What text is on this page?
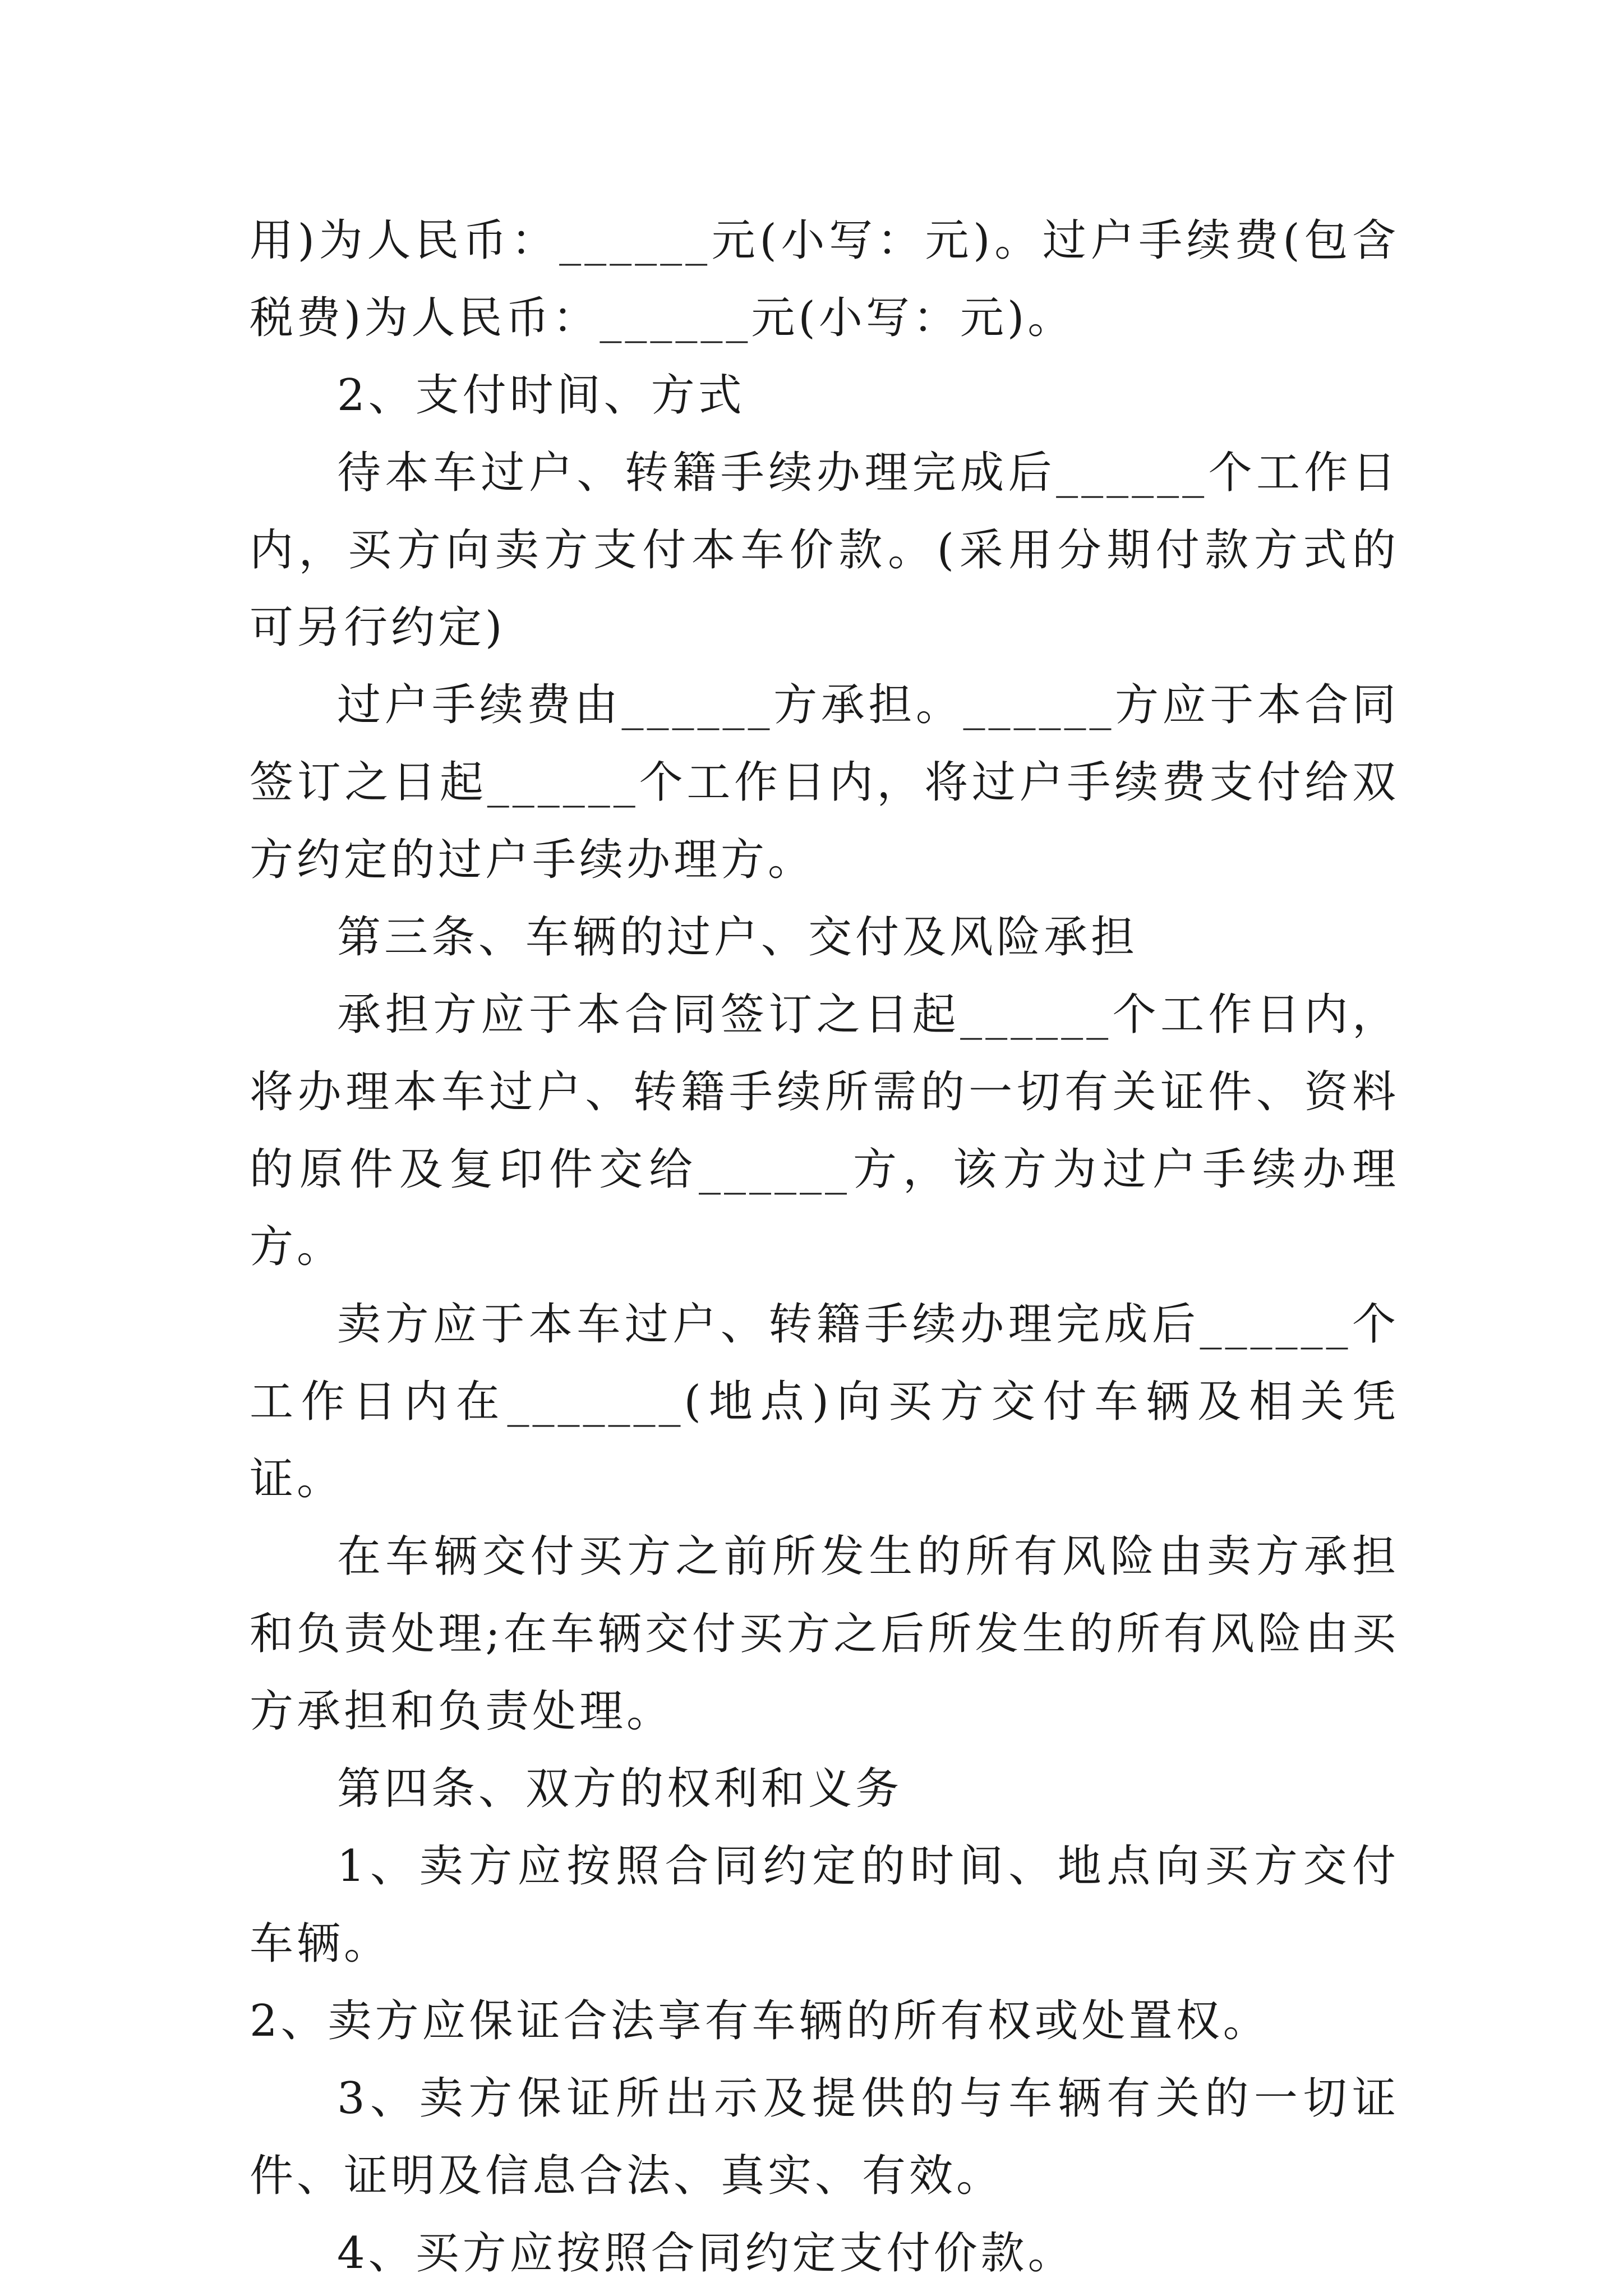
用)为人民币：______元(小写：元)。过户手续费(包含税费)为人民币：______元(小写：元)。

2、支付时间、方式

待本车过户、转籍手续办理完成后______个工作日内，买方向卖方支付本车价款。(采用分期付款方式的可另行约定)

过户手续费由______方承担。______方应于本合同签订之日起______个工作日内，将过户手续费支付给双方约定的过户手续办理方。

第三条、车辆的过户、交付及风险承担

承担方应于本合同签订之日起______个工作日内，将办理本车过户、转籍手续所需的一切有关证件、资料的原件及复印件交给______方，该方为过户手续办理方。

卖方应于本车过户、转籍手续办理完成后______个工作日内在_______(地点)向买方交付车辆及相关凭证。

在车辆交付买方之前所发生的所有风险由卖方承担和负责处理;在车辆交付买方之后所发生的所有风险由买方承担和负责处理。

第四条、双方的权利和义务

1、卖方应按照合同约定的时间、地点向买方交付车辆。

2、卖方应保证合法享有车辆的所有权或处置权。

3、卖方保证所出示及提供的与车辆有关的一切证件、证明及信息合法、真实、有效。

4、买方应按照合同约定支付价款。
